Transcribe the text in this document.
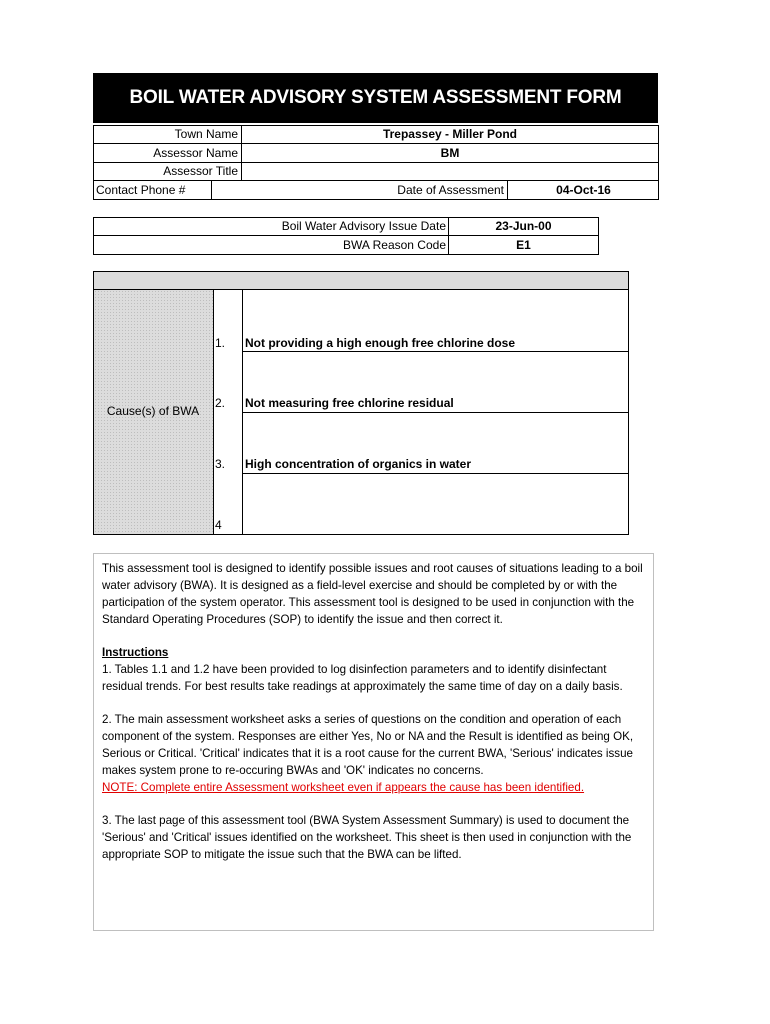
BOIL WATER ADVISORY SYSTEM ASSESSMENT FORM
Town Name	Trepassey - Miller Pond
Assessor Name	BM
Assessor Title
Contact Phone #	Date of Assessment	04-Oct-16
Boil Water Advisory Issue Date	23-Jun-00
BWA Reason Code	E1
Cause(s) of BWA
1. Not providing a high enough free chlorine dose
2. Not measuring free chlorine residual
3. High concentration of organics in water
4

This assessment tool is designed to identify possible issues and root causes of situations leading to a boil water advisory (BWA). It is designed as a field-level exercise and should be completed by or with the participation of the system operator. This assessment tool is designed to be used in conjunction with the Standard Operating Procedures (SOP) to identify the issue and then correct it.

Instructions

1. Tables 1.1 and 1.2 have been provided to log disinfection parameters and to identify disinfectant residual trends. For best results take readings at approximately the same time of day on a daily basis.

2. The main assessment worksheet asks a series of questions on the condition and operation of each component of the system. Responses are either Yes, No or NA and the Result is identified as being OK, Serious or Critical. 'Critical' indicates that it is a root cause for the current BWA, 'Serious' indicates issue makes system prone to re-occuring BWAs and 'OK' indicates no concerns.

NOTE: Complete entire Assessment worksheet even if appears the cause has been identified.

3. The last page of this assessment tool (BWA System Assessment Summary) is used to document the 'Serious' and 'Critical' issues identified on the worksheet. This sheet is then used in conjunction with the appropriate SOP to mitigate the issue such that the BWA can be lifted.
